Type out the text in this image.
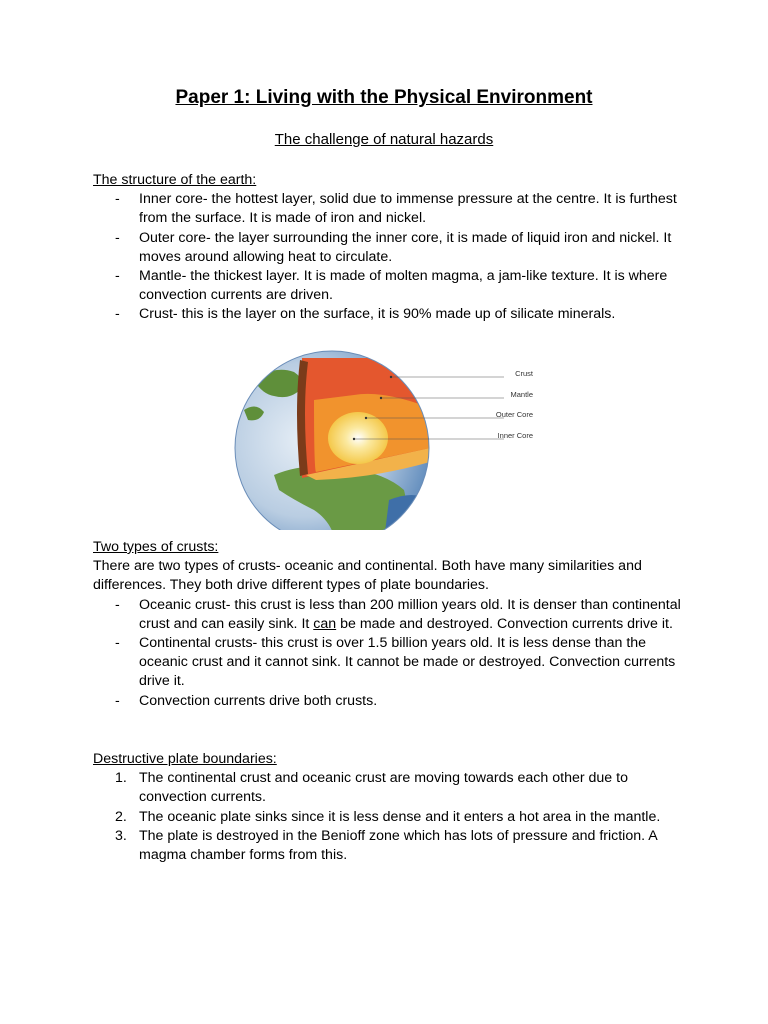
Paper 1: Living with the Physical Environment
The challenge of natural hazards
The structure of the earth:
- Inner core- the hottest layer, solid due to immense pressure at the centre. It is furthest from the surface. It is made of iron and nickel.
- Outer core- the layer surrounding the inner core, it is made of liquid iron and nickel. It moves around allowing heat to circulate.
- Mantle- the thickest layer. It is made of molten magma, a jam-like texture. It is where convection currents are driven.
- Crust- this is the layer on the surface, it is 90% made up of silicate minerals.
Crust
Mantle
Outer Core
Inner Core
Two types of crusts:

There are two types of crusts- oceanic and continental. Both have many similarities and differences. They both drive different types of plate boundaries.

- Oceanic crust- this crust is less than 200 million years old. It is denser than continental crust and can easily sink. It can be made and destroyed. Convection currents drive it.
- Continental crusts- this crust is over 1.5 billion years old. It is less dense than the oceanic crust and it cannot sink. It cannot be made or destroyed. Convection currents drive it.
- Convection currents drive both crusts.
Destructive plate boundaries:
1. The continental crust and oceanic crust are moving towards each other due to convection currents.
2. The oceanic plate sinks since it is less dense and it enters a hot area in the mantle.
3. The plate is destroyed in the Benioff zone which has lots of pressure and friction. A magma chamber forms from this.
